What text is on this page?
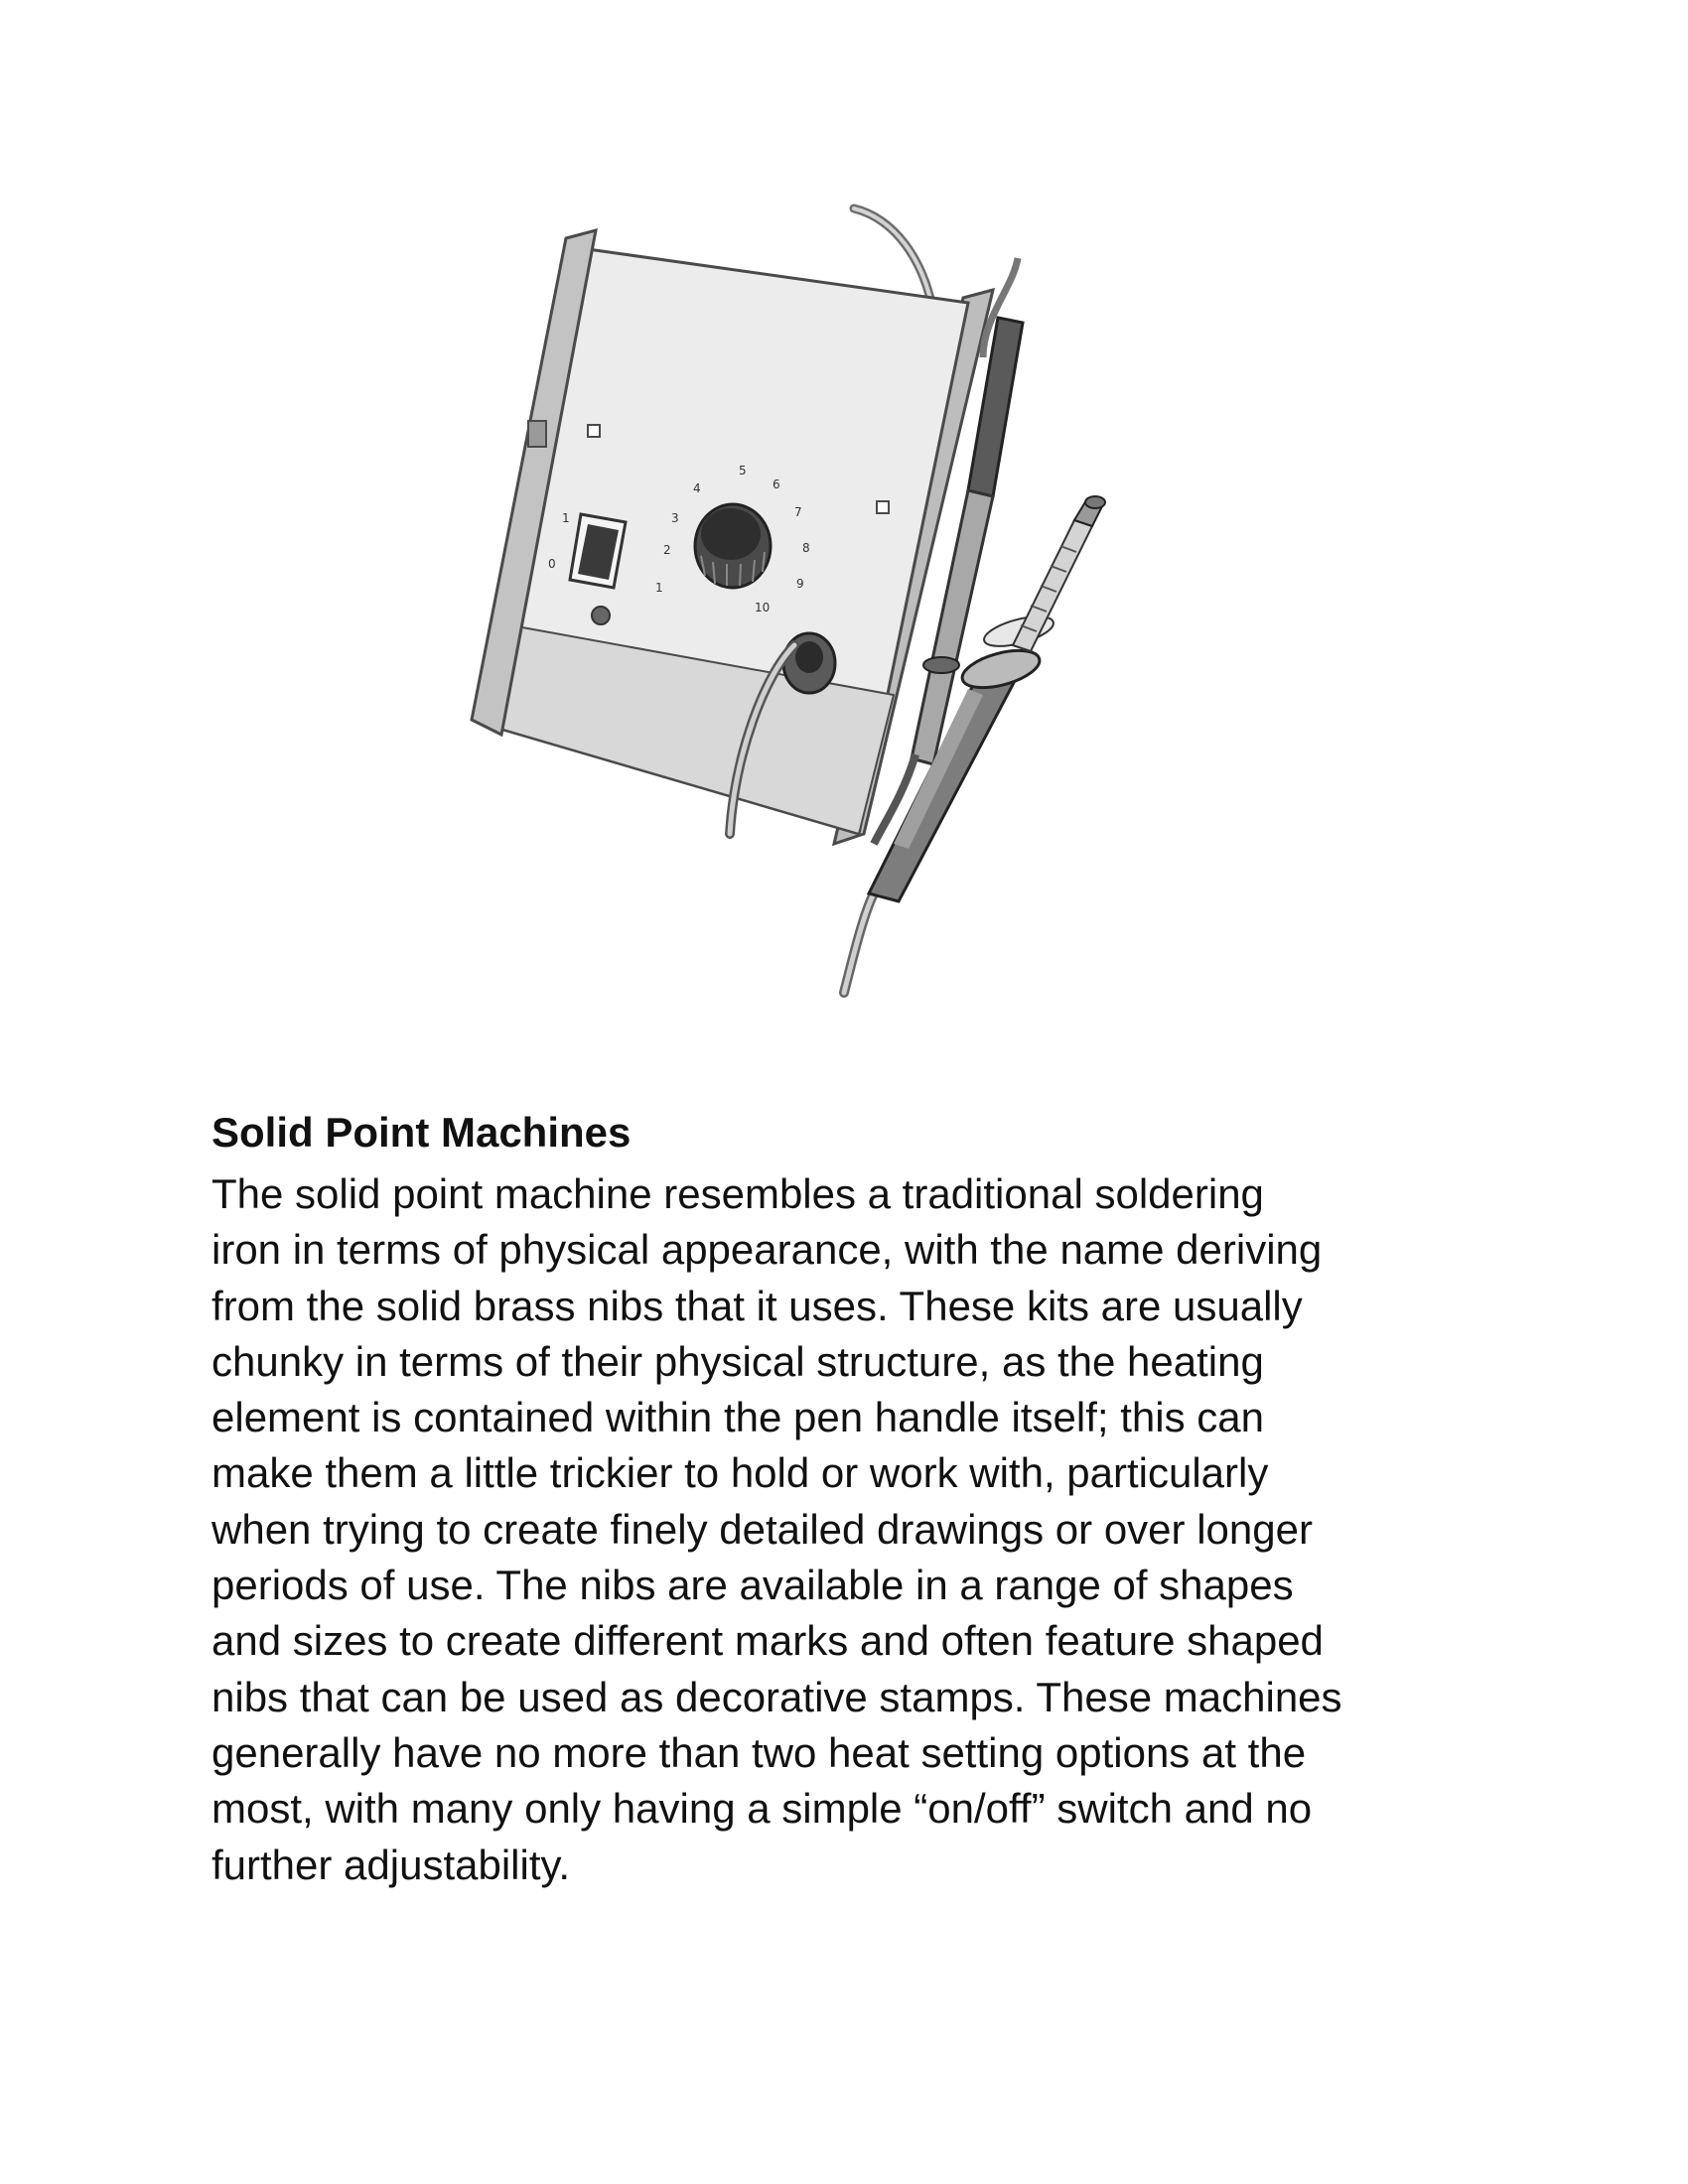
1
0
1
2
3
4
5
6
7
8
9
10
Solid Point Machines

The solid point machine resembles a traditional soldering
iron in terms of physical appearance, with the name deriving
from the solid brass nibs that it uses. These kits are usually
chunky in terms of their physical structure, as the heating
element is contained within the pen handle itself; this can
make them a little trickier to hold or work with, particularly
when trying to create finely detailed drawings or over longer
periods of use. The nibs are available in a range of shapes
and sizes to create different marks and often feature shaped
nibs that can be used as decorative stamps. These machines
generally have no more than two heat setting options at the
most, with many only having a simple “on/off” switch and no
further adjustability.
